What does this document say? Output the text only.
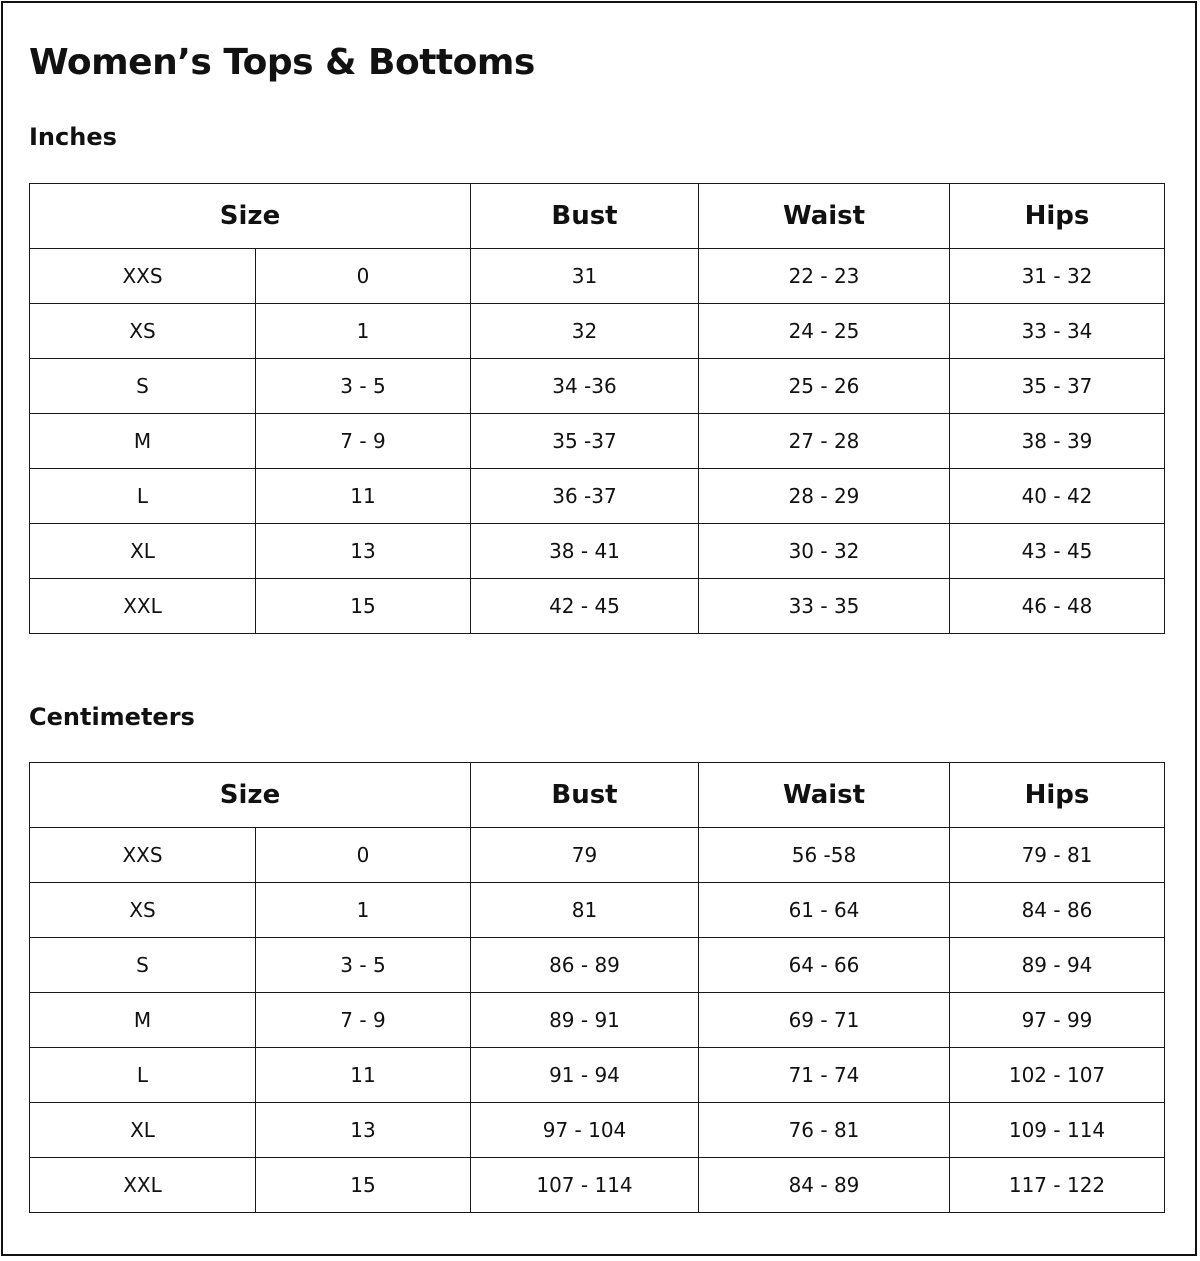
Women’s Tops & Bottoms
Inches
Size		Bust	Waist	Hips
XXS	0	31	22 - 23	31 - 32
XS	1	32	24 - 25	33 - 34
S	3 - 5	34 -36	25 - 26	35 - 37
M	7 - 9	35 -37	27 - 28	38 - 39
L	11	36 -37	28 - 29	40 - 42
XL	13	38 - 41	30 - 32	43 - 45
XXL	15	42 - 45	33 - 35	46 - 48
Centimeters
Size		Bust	Waist	Hips
XXS	0	79	56 -58	79 - 81
XS	1	81	61 - 64	84 - 86
S	3 - 5	86 - 89	64 - 66	89 - 94
M	7 - 9	89 - 91	69 - 71	97 - 99
L	11	91 - 94	71 - 74	102 - 107
XL	13	97 - 104	76 - 81	109 - 114
XXL	15	107 - 114	84 - 89	117 - 122
